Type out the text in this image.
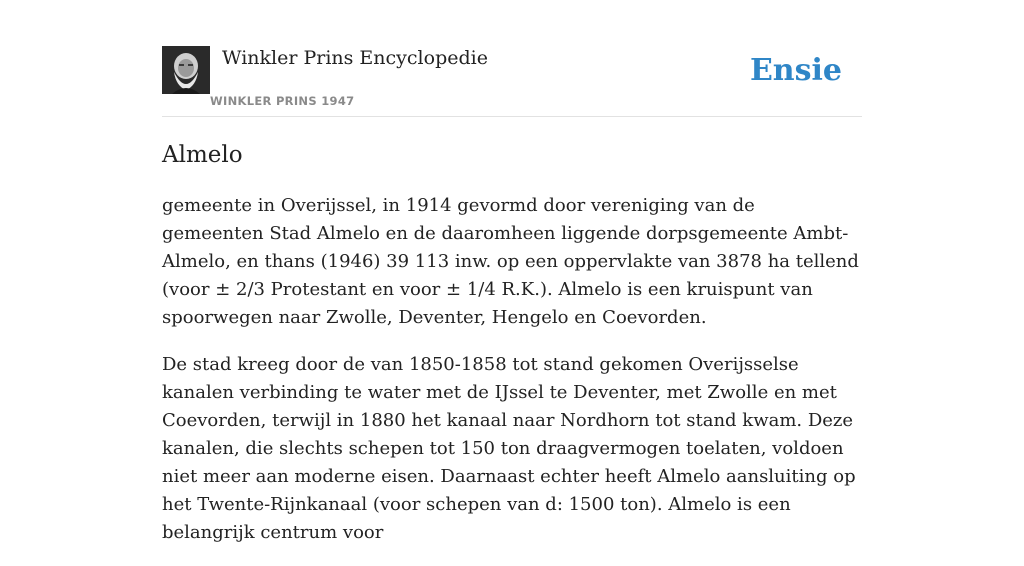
Winkler Prins Encyclopedie
WINKLER PRINS 1947
Ensie
Almelo

gemeente in Overijssel, in 1914 gevormd door vereniging van de gemeenten Stad Almelo en de daaromheen liggende dorpsgemeente Ambt-Almelo, en thans (1946) 39 113 inw. op een oppervlakte van 3878 ha tellend (voor ± 2/3 Protestant en voor ± 1/4 R.K.). Almelo is een kruispunt van spoorwegen naar Zwolle, Deventer, Hengelo en Coevorden.

De stad kreeg door de van 1850-1858 tot stand gekomen Overijsselse kanalen verbinding te water met de IJssel te Deventer, met Zwolle en met Coevorden, terwijl in 1880 het kanaal naar Nordhorn tot stand kwam. Deze kanalen, die slechts schepen tot 150 ton draagvermogen toelaten, voldoen niet meer aan moderne eisen. Daarnaast echter heeft Almelo aansluiting op het Twente-Rijnkanaal (voor schepen van d: 1500 ton). Almelo is een belangrijk centrum voor
